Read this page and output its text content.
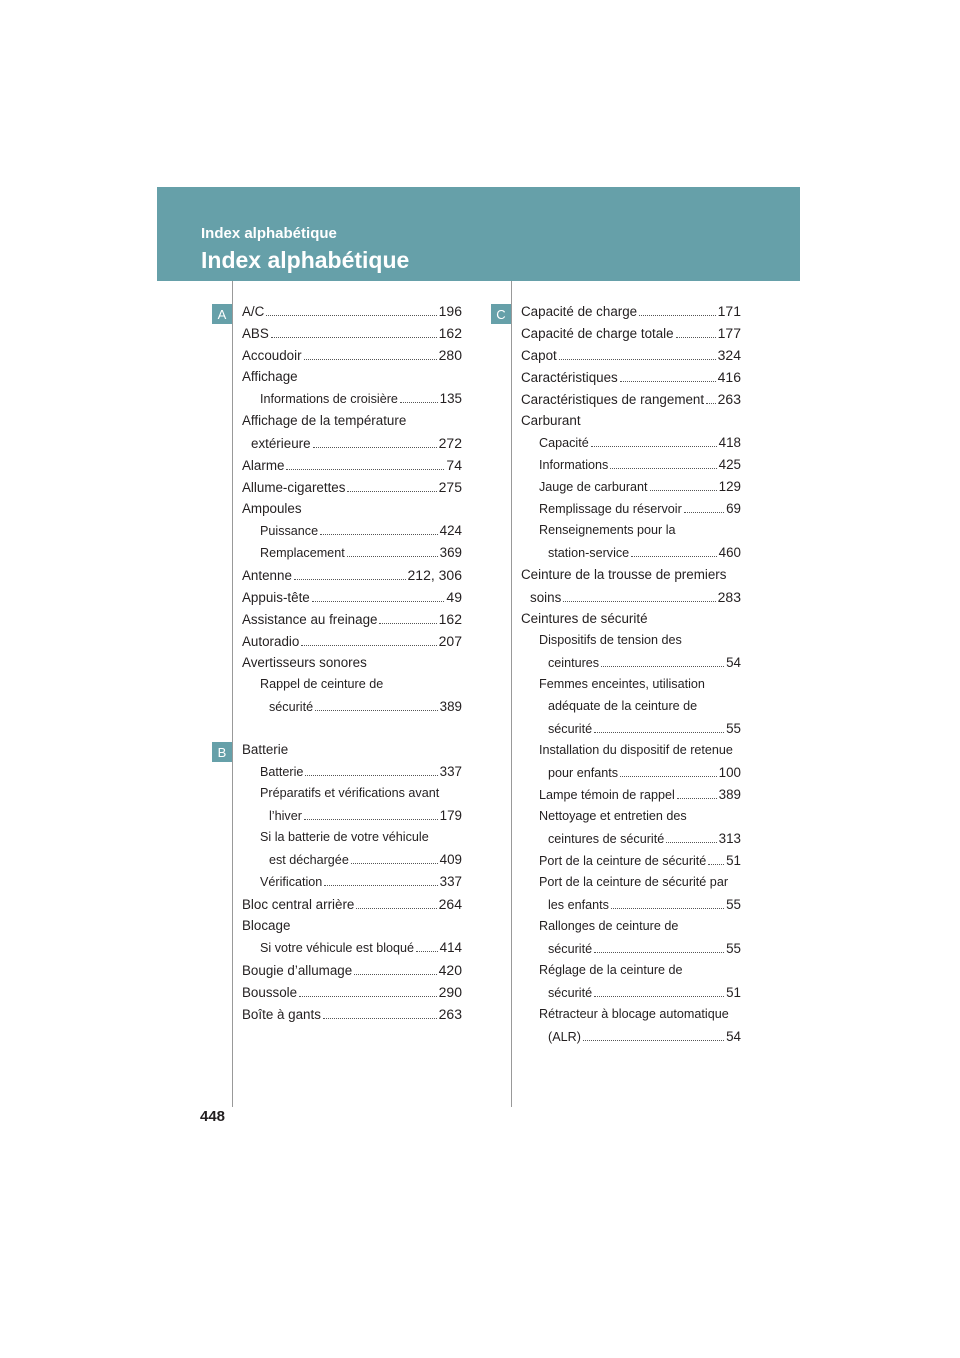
Index alphabétique
Index alphabétique
A
B
C
A/C	196
ABS	162
Accoudoir	280
Affichage
Informations de croisière	135
Affichage de la température
extérieure	272
Alarme	74
Allume-cigarettes	275
Ampoules
Puissance	424
Remplacement	369
Antenne	212, 306
Appuis-tête	49
Assistance au freinage	162
Autoradio	207
Avertisseurs sonores
Rappel de ceinture de
sécurité	389
Batterie
Batterie	337
Préparatifs et vérifications avant
l’hiver	179
Si la batterie de votre véhicule
est déchargée	409
Vérification	337
Bloc central arrière	264
Blocage
Si votre véhicule est bloqué 414
Bougie d’allumage	420
Boussole	290
Boîte à gants	263
Capacité de charge	171
Capacité de charge totale	177
Capot	324
Caractéristiques	416
Caractéristiques de rangement 263
Carburant
Capacité	418
Informations	425
Jauge de carburant	129
Remplissage du réservoir	69
Renseignements pour la
station-service	460
Ceinture de la trousse de premiers
soins	283
Ceintures de sécurité
Dispositifs de tension des
ceintures	54
Femmes enceintes, utilisation
adéquate de la ceinture de
sécurité	55
Installation du dispositif de retenue
pour enfants	100
Lampe témoin de rappel	389
Nettoyage et entretien des
ceintures de sécurité	313
Port de la ceinture de sécurité 51
Port de la ceinture de sécurité par
les enfants	55
Rallonges de ceinture de
sécurité	55
Réglage de la ceinture de
sécurité	51
Rétracteur à blocage automatique
(ALR)	54
448
